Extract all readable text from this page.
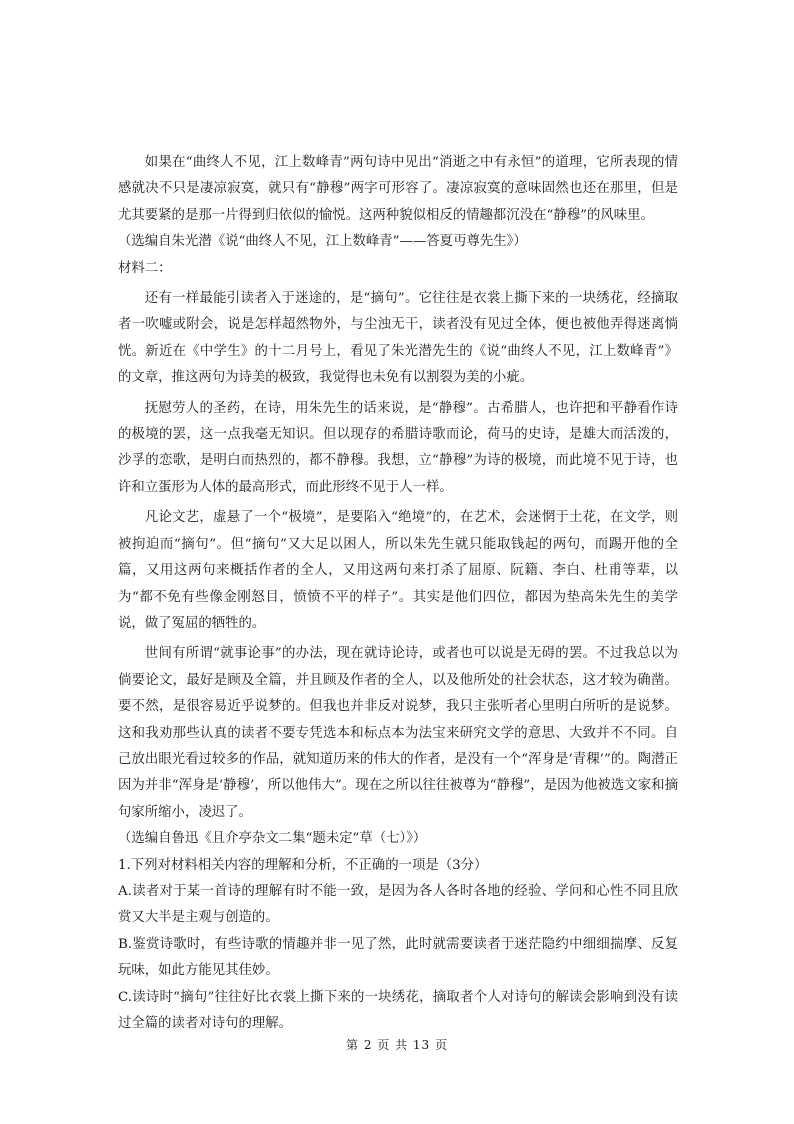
如果在“曲终人不见，江上数峰青”两句诗中见出“消逝之中有永恒”的道理，它所表现的情感就决不只是凄凉寂寞，就只有“静穆”两字可形容了。凄凉寂寞的意味固然也还在那里，但是尤其要紧的是那一片得到归依似的愉悦。这两种貌似相反的情趣都沉没在“静穆”的风味里。

（选编自朱光潜《说“曲终人不见，江上数峰青”——答夏丏尊先生》）

材料二：

还有一样最能引读者入于迷途的，是“摘句”。它往往是衣裳上撕下来的一块绣花，经摘取者一吹嘘或附会，说是怎样超然物外，与尘浊无干，读者没有见过全体，便也被他弄得迷离惝恍。新近在《中学生》的十二月号上，看见了朱光潜先生的《说“曲终人不见，江上数峰青”》的文章，推这两句为诗美的极致，我觉得也未免有以割裂为美的小疵。

抚慰劳人的圣药，在诗，用朱先生的话来说，是“静穆”。古希腊人，也许把和平静看作诗的极境的罢，这一点我毫无知识。但以现存的希腊诗歌而论，荷马的史诗，是雄大而活泼的，沙孚的恋歌，是明白而热烈的，都不静穆。我想，立“静穆”为诗的极境，而此境不见于诗，也许和立蛋形为人体的最高形式，而此形终不见于人一样。

凡论文艺，虚悬了一个“极境”，是要陷入“绝境”的，在艺术，会迷惘于土花，在文学，则被拘迫而“摘句”。但“摘句”又大足以困人，所以朱先生就只能取钱起的两句，而踢开他的全篇，又用这两句来概括作者的全人，又用这两句来打杀了屈原、阮籍、李白、杜甫等辈，以为“都不免有些像金刚怒目，愤愤不平的样子”。其实是他们四位，都因为垫高朱先生的美学说，做了冤屈的牺牲的。

世间有所谓“就事论事”的办法，现在就诗论诗，或者也可以说是无碍的罢。不过我总以为倘要论文，最好是顾及全篇，并且顾及作者的全人，以及他所处的社会状态，这才较为确凿。要不然，是很容易近乎说梦的。但我也并非反对说梦，我只主张听者心里明白所听的是说梦。这和我劝那些认真的读者不要专凭选本和标点本为法宝来研究文学的意思、大致并不不同。自己放出眼光看过较多的作品，就知道历来的伟大的作者，是没有一个“浑身是‘青稞’”的。陶潜正因为并非“浑身是‘静穆’，所以他伟大”。现在之所以往往被尊为“静穆”，是因为他被选文家和摘句家所缩小，凌迟了。

（选编自鲁迅《且介亭杂文二集“题未定”草（七）》）

1.下列对材料相关内容的理解和分析，不正确的一项是（3分）

A.读者对于某一首诗的理解有时不能一致，是因为各人各时各地的经验、学问和心性不同且欣赏又大半是主观与创造的。

B.鉴赏诗歌时，有些诗歌的情趣并非一见了然，此时就需要读者于迷茫隐约中细细揣摩、反复玩味，如此方能见其佳妙。

C.读诗时“摘句”往往好比衣裳上撕下来的一块绣花，摘取者个人对诗句的解读会影响到没有读过全篇的读者对诗句的理解。

第 2 页 共 13 页
